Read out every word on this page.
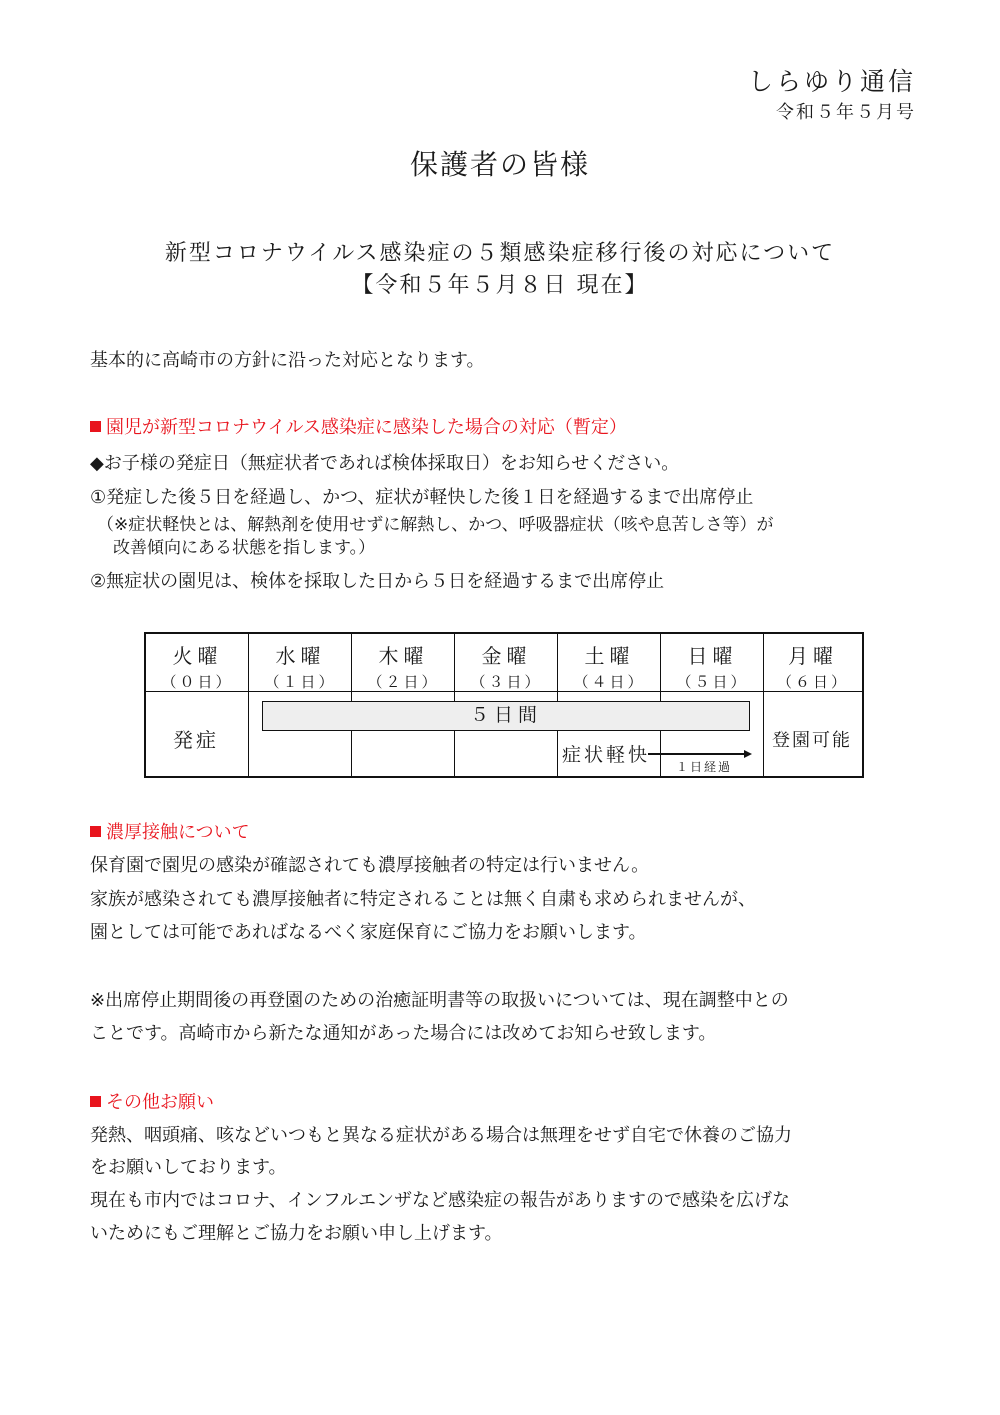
しらゆり通信
令和５年５月号
保護者の皆様
新型コロナウイルス感染症の５類感染症移行後の対応について
【令和５年５月８日 現在】
基本的に高崎市の方針に沿った対応となります。
園児が新型コロナウイルス感染症に感染した場合の対応（暫定）
◆お子様の発症日（無症状者であれば検体採取日）をお知らせください。
①発症した後５日を経過し、かつ、症状が軽快した後１日を経過するまで出席停止
（※症状軽快とは、解熱剤を使用せずに解熱し、かつ、呼吸器症状（咳や息苦しさ等）が
改善傾向にある状態を指します。）
②無症状の園児は、検体を採取した日から５日を経過するまで出席停止
火曜
（０日）
水曜
（１日）
木曜
（２日）
金曜
（３日）
土曜
（４日）
日曜
（５日）
月曜
（６日）
発症
５日間
症状軽快
１日経過
登園可能
濃厚接触について
保育園で園児の感染が確認されても濃厚接触者の特定は行いません。
家族が感染されても濃厚接触者に特定されることは無く自粛も求められませんが、
園としては可能であればなるべく家庭保育にご協力をお願いします。
※出席停止期間後の再登園のための治癒証明書等の取扱いについては、現在調整中との
ことです。高崎市から新たな通知があった場合には改めてお知らせ致します。
その他お願い
発熱、咽頭痛、咳などいつもと異なる症状がある場合は無理をせず自宅で休養のご協力
をお願いしております。
現在も市内ではコロナ、インフルエンザなど感染症の報告がありますので感染を広げな
いためにもご理解とご協力をお願い申し上げます。
